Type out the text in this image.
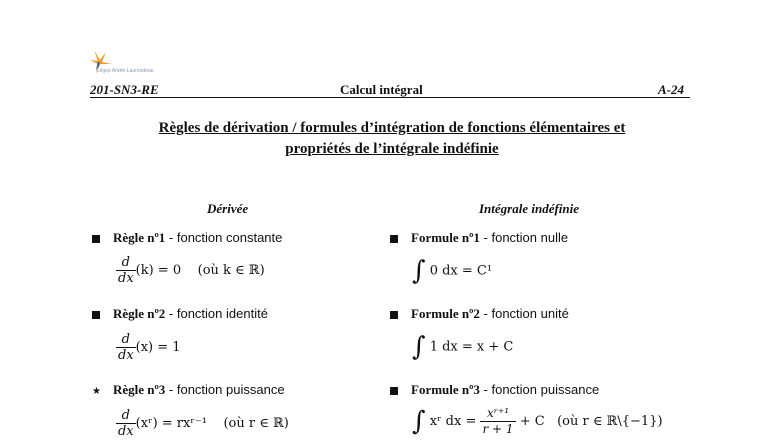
Cégep André-Laurendeau
201-SN3-RE	Calcul intégral	A-24
Règles de dérivation / formules d’intégration de fonctions élémentaires et
propriétés de l’intégrale indéfinie
Dérivée	Intégrale indéfinie
Règle nº1 - fonction constante
$\frac{d}{dx} (k) = 0$ (où k ∈ ℝ)
Règle nº2 - fonction identité
$\frac{d}{dx} (x) = 1$
★ Règle nº3 - fonction puissance
$\frac{d}{dx}$ (xʳ) = rxʳ⁻¹ (où r ∈ ℝ)
Formule nº1 - fonction nulle
∫ 0 dx = C¹
Formule nº2 - fonction unité
∫ 1 dx = x + C
Formule nº3 - fonction puissance
∫ xʳ dx = $\frac{\text{xʳ⁺¹}}{r + 1} + C$ (où r ∈ ℝ\{−1})
